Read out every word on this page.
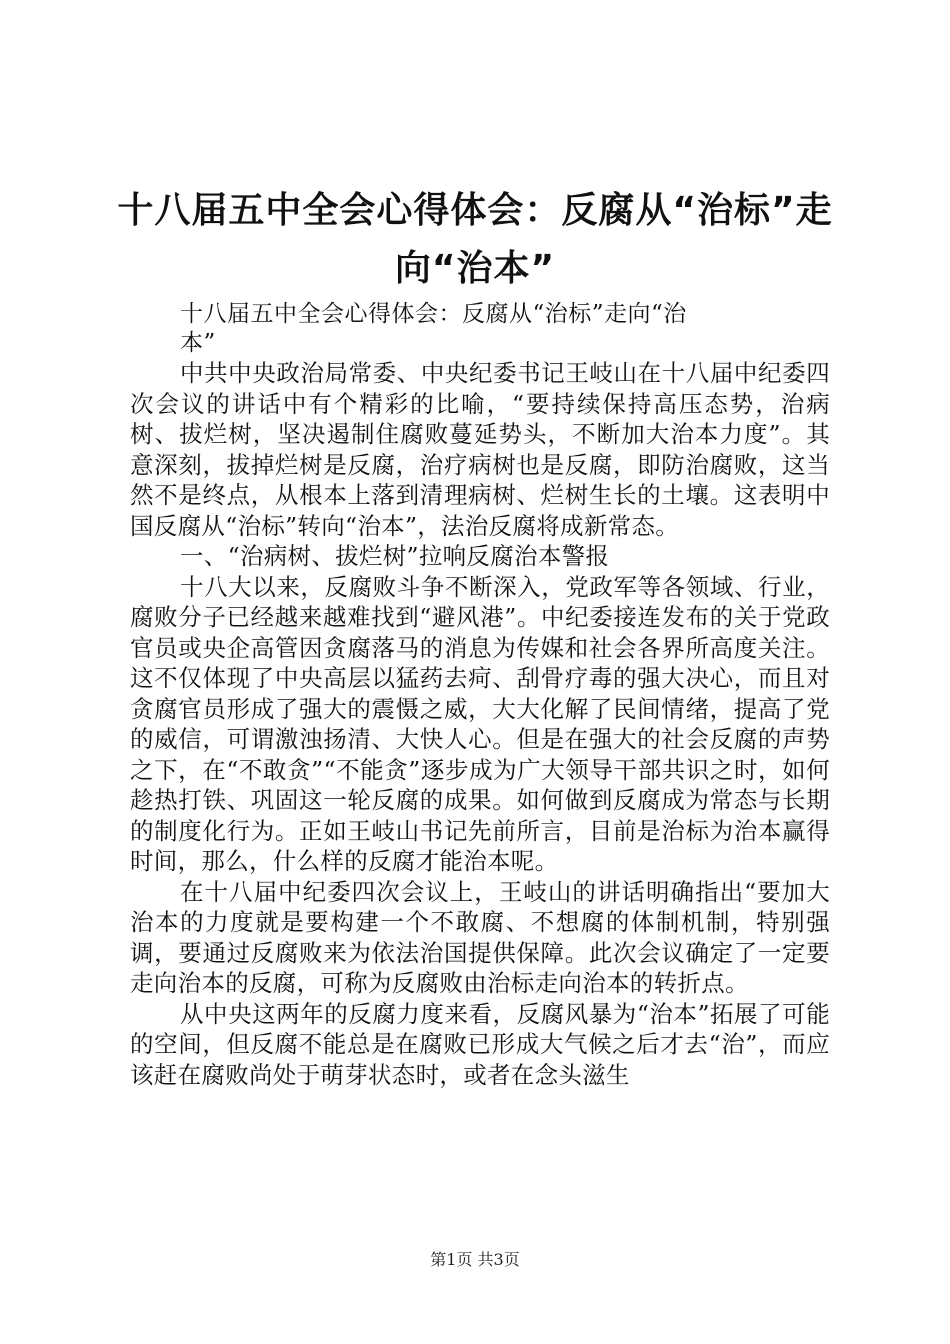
十八届五中全会心得体会：反腐从“治标”走向“治本”

十八届五中全会心得体会：反腐从“治标”走向“治本”

中共中央政治局常委、中央纪委书记王岐山在十八届中纪委四次会议的讲话中有个精彩的比喻，“要持续保持高压态势，治病树、拔烂树，坚决遏制住腐败蔓延势头，不断加大治本力度”。其意深刻，拔掉烂树是反腐，治疗病树也是反腐，即防治腐败，这当然不是终点，从根本上落到清理病树、烂树生长的土壤。这表明中国反腐从“治标”转向“治本”，法治反腐将成新常态。

一、“治病树、拔烂树”拉响反腐治本警报

十八大以来，反腐败斗争不断深入，党政军等各领域、行业，腐败分子已经越来越难找到“避风港”。中纪委接连发布的关于党政官员或央企高管因贪腐落马的消息为传媒和社会各界所高度关注。这不仅体现了中央高层以猛药去疴、刮骨疗毒的强大决心，而且对贪腐官员形成了强大的震慑之威，大大化解了民间情绪，提高了党的威信，可谓激浊扬清、大快人心。但是在强大的社会反腐的声势之下，在“不敢贪”“不能贪”逐步成为广大领导干部共识之时，如何趁热打铁、巩固这一轮反腐的成果。如何做到反腐成为常态与长期的制度化行为。正如王岐山书记先前所言，目前是治标为治本赢得时间，那么，什么样的反腐才能治本呢。

在十八届中纪委四次会议上，王岐山的讲话明确指出“要加大治本的力度就是要构建一个不敢腐、不想腐的体制机制，特别强调，要通过反腐败来为依法治国提供保障。此次会议确定了一定要走向治本的反腐，可称为反腐败由治标走向治本的转折点。

从中央这两年的反腐力度来看，反腐风暴为“治本”拓展了可能的空间，但反腐不能总是在腐败已形成大气候之后才去“治”，而应该赶在腐败尚处于萌芽状态时，或者在念头滋生

第1页 共3页
